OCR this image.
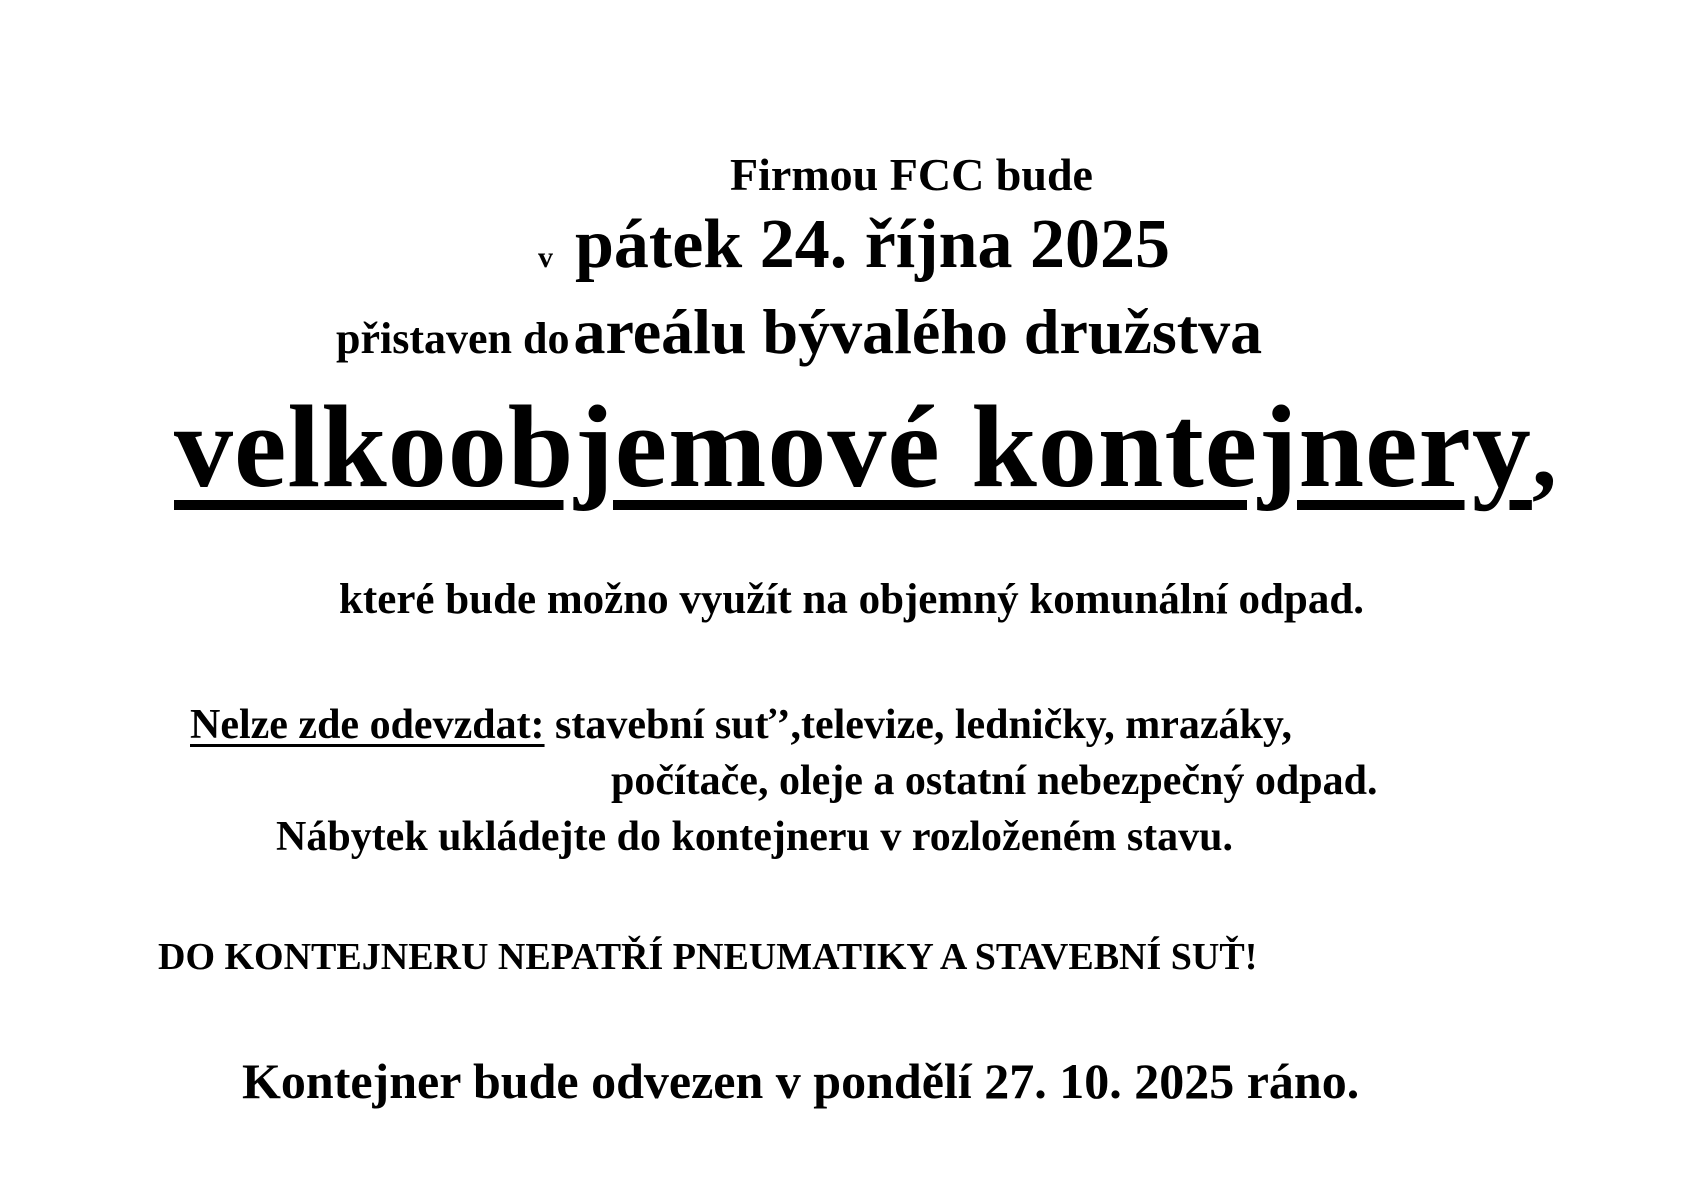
Firmou FCC bude
v pátek 24. října 2025
přistaven do areálu bývalého družstva
velkoobjemové kontejnery,
které bude možno využít na objemný komunální odpad.
Nelze zde odevzdat: stavební suť’,televize, ledničky, mrazáky,
počítače, oleje a ostatní nebezpečný odpad.
Nábytek ukládejte do kontejneru v rozloženém stavu.
DO KONTEJNERU NEPATŘÍ PNEUMATIKY A STAVEBNÍ SUŤ!
Kontejner bude odvezen v pondělí 27. 10. 2025 ráno.
